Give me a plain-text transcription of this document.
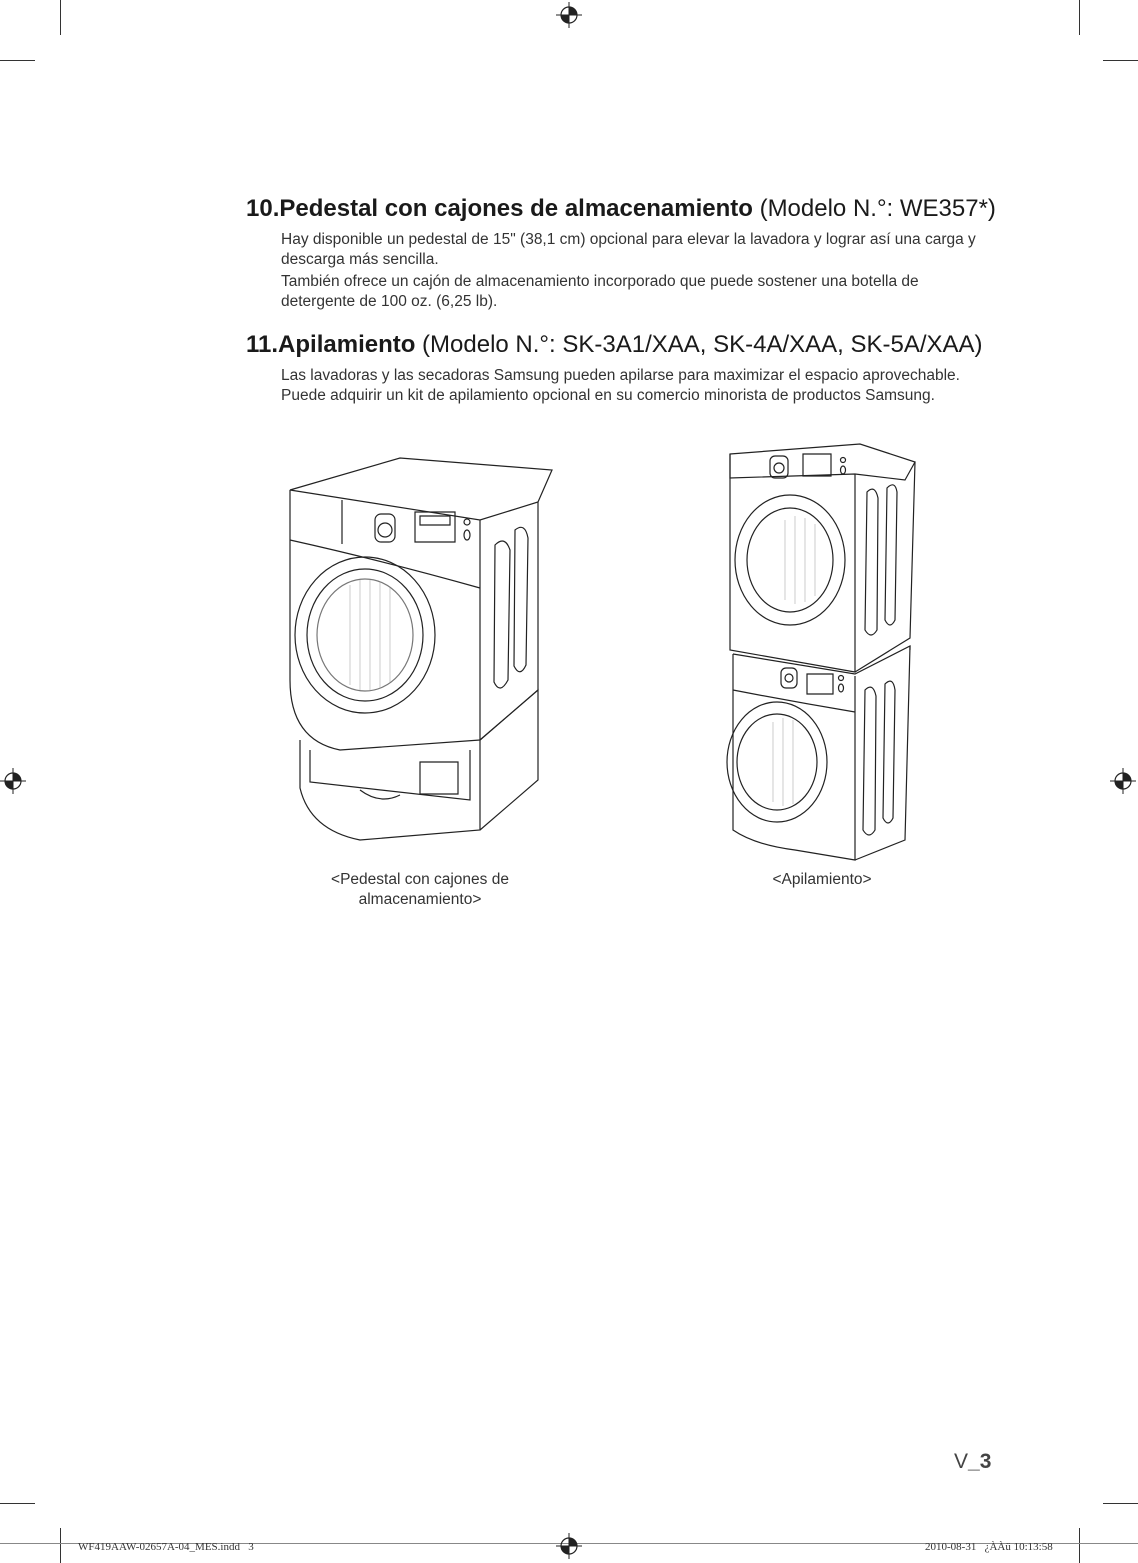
10.Pedestal con cajones de almacenamiento (Modelo N.°: WE357*)

Hay disponible un pedestal de 15" (38,1 cm) opcional para elevar la lavadora y lograr así una carga y descarga más sencilla.

También ofrece un cajón de almacenamiento incorporado que puede sostener una botella de detergente de 100 oz. (6,25 lb).

11.Apilamiento (Modelo N.°: SK-3A1/XAA, SK-4A/XAA, SK-5A/XAA)

Las lavadoras y las secadoras Samsung pueden apilarse para maximizar el espacio aprovechable. Puede adquirir un kit de apilamiento opcional en su comercio minorista de productos Samsung.

<Pedestal con cajones de
almacenamiento>
<Apilamiento>
V_3
WF419AAW-02657A-04_MES.indd   3	2010-08-31   ¿ÀÀü 10:13:58
